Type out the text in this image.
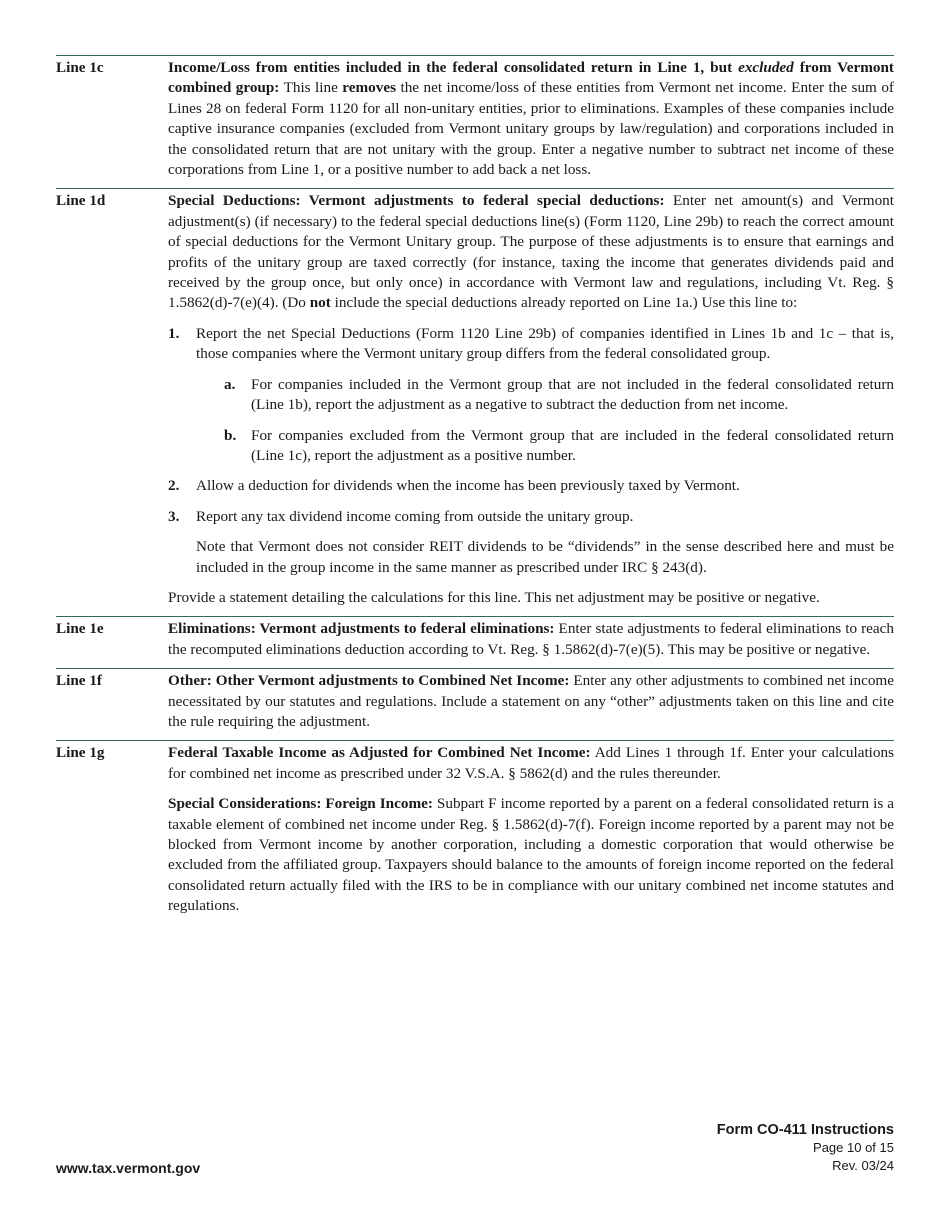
Line 1c	Income/Loss from entities included in the federal consolidated return in Line 1, but excluded from Vermont combined group: This line removes the net income/loss of these entities from Vermont net income. Enter the sum of Lines 28 on federal Form 1120 for all non-unitary entities, prior to eliminations. Examples of these companies include captive insurance companies (excluded from Vermont unitary groups by law/regulation) and corporations included in the consolidated return that are not unitary with the group. Enter a negative number to subtract net income of these corporations from Line 1, or a positive number to add back a net loss.

Line 1d	Special Deductions: Vermont adjustments to federal special deductions: Enter net amount(s) and Vermont adjustment(s) (if necessary) to the federal special deductions line(s) (Form 1120, Line 29b) to reach the correct amount of special deductions for the Vermont Unitary group. The purpose of these adjustments is to ensure that earnings and profits of the unitary group are taxed correctly (for instance, taxing the income that generates dividends paid and received by the group once, but only once) in accordance with Vermont law and regulations, including Vt. Reg. § 1.5862(d)-7(e)(4). (Do not include the special deductions already reported on Line 1a.) Use this line to:

1.	Report the net Special Deductions (Form 1120 Line 29b) of companies identified in Lines 1b and 1c – that is, those companies where the Vermont unitary group differs from the federal consolidated group.
a.	For companies included in the Vermont group that are not included in the federal consolidated return (Line 1b), report the adjustment as a negative to subtract the deduction from net income.
b. For companies excluded from the Vermont group that are included in the federal consolidated return (Line 1c), report the adjustment as a positive number.
2.	Allow a deduction for dividends when the income has been previously taxed by Vermont.
3.	Report any tax dividend income coming from outside the unitary group.
Note that Vermont does not consider REIT dividends to be “dividends” in the sense described here and must be included in the group income in the same manner as prescribed under IRC § 243(d).

Provide a statement detailing the calculations for this line. This net adjustment may be positive or negative.

Line 1e	Eliminations: Vermont adjustments to federal eliminations: Enter state adjustments to federal eliminations to reach the recomputed eliminations deduction according to Vt. Reg. § 1.5862(d)-7(e)(5). This may be positive or negative.

Line 1f	Other: Other Vermont adjustments to Combined Net Income: Enter any other adjustments to combined net income necessitated by our statutes and regulations. Include a statement on any “other” adjustments taken on this line and cite the rule requiring the adjustment.

Line 1g	Federal Taxable Income as Adjusted for Combined Net Income: Add Lines 1 through 1f. Enter your calculations for combined net income as prescribed under 32 V.S.A. § 5862(d) and the rules thereunder.

Special Considerations: Foreign Income: Subpart F income reported by a parent on a federal consolidated return is a taxable element of combined net income under Reg. § 1.5862(d)-7(f). Foreign income reported by a parent may not be blocked from Vermont income by another corporation, including a domestic corporation that would otherwise be excluded from the affiliated group. Taxpayers should balance to the amounts of foreign income reported on the federal consolidated return actually filed with the IRS to be in compliance with our unitary combined net income statutes and regulations.

www.tax.vermont.gov
Form CO-411 Instructions
Page 10 of 15
Rev. 03/24
